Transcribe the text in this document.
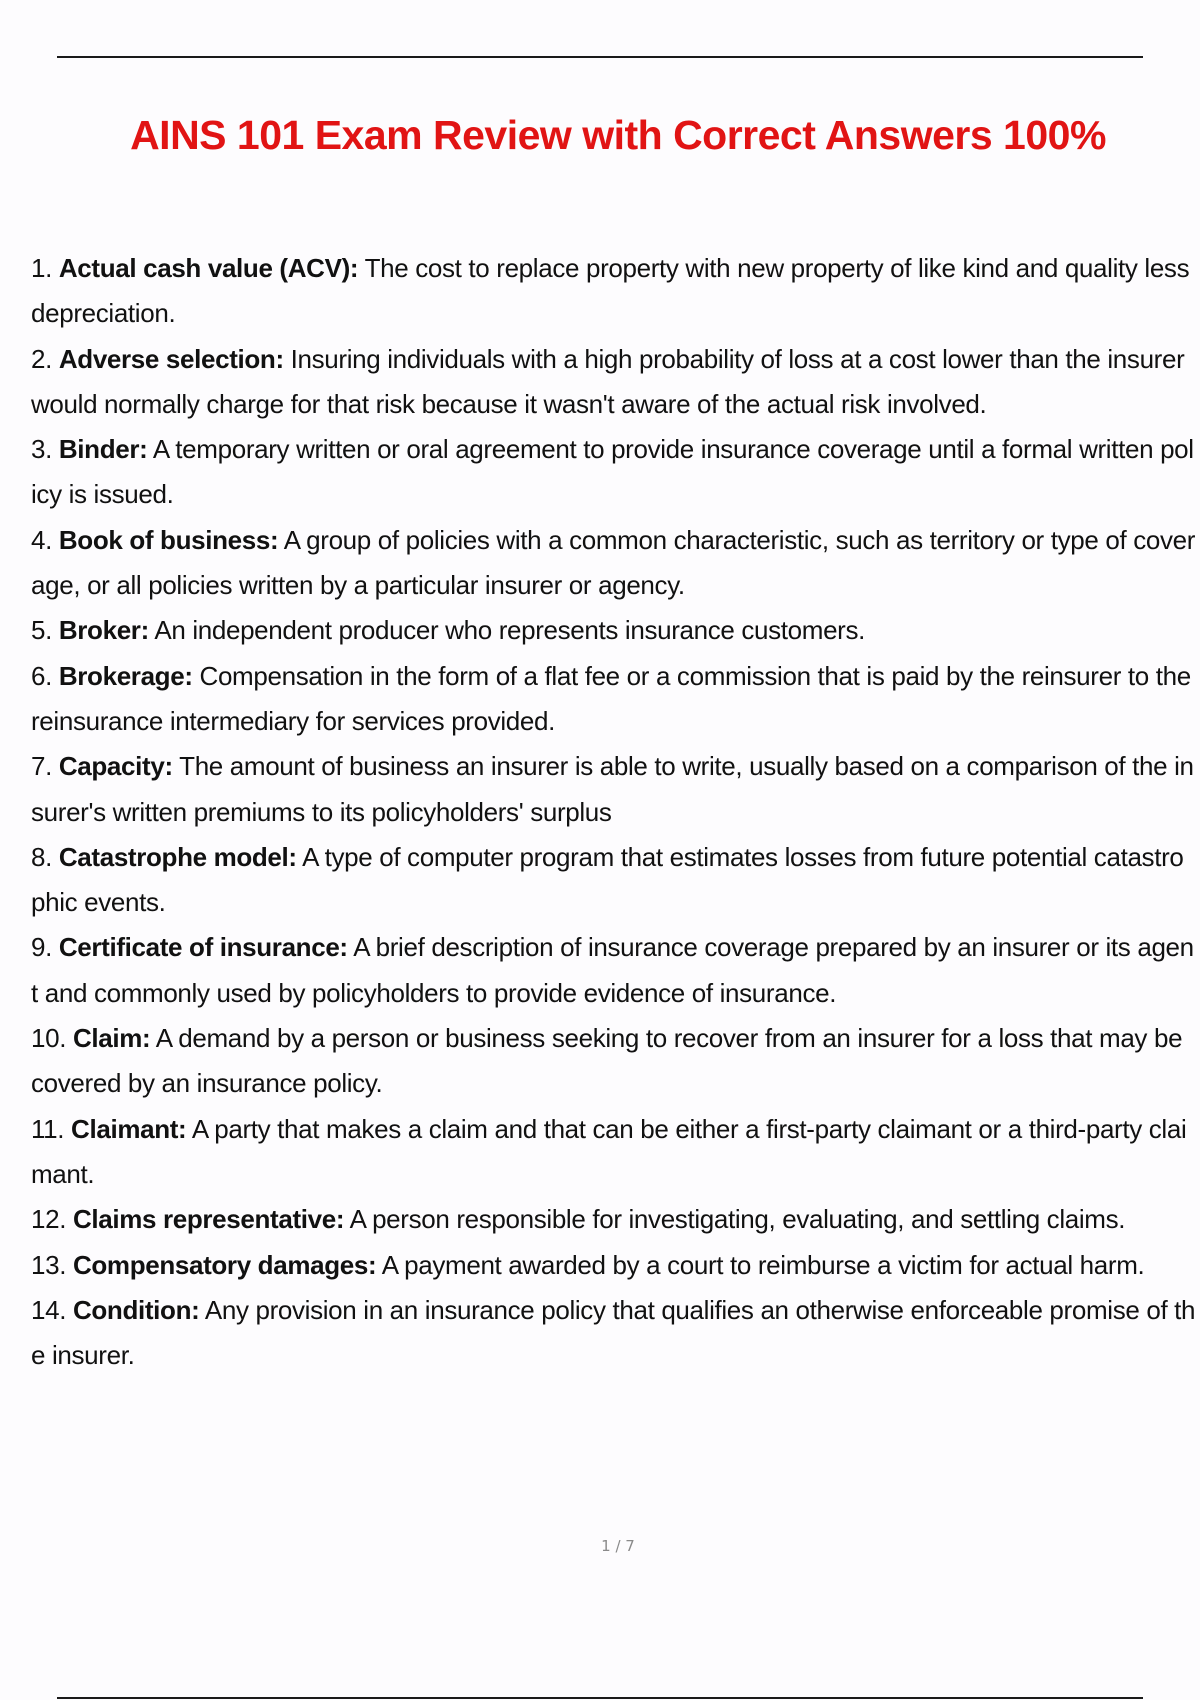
AINS 101 Exam Review with Correct Answers 100%
1. Actual cash value (ACV): The cost to replace property with new property of like kind and quality less depreciation.
2. Adverse selection: Insuring individuals with a high probability of loss at a cost lower than the insurer would normally charge for that risk because it wasn't aware of the actual risk involved.
3. Binder: A temporary written or oral agreement to provide insurance coverage until a formal written policy is issued.
4. Book of business: A group of policies with a common characteristic, such as territory or type of coverage, or all policies written by a particular insurer or agency.
5. Broker: An independent producer who represents insurance customers.
6. Brokerage: Compensation in the form of a flat fee or a commission that is paid by the reinsurer to the reinsurance intermediary for services provided.
7. Capacity: The amount of business an insurer is able to write, usually based on a comparison of the insurer's written premiums to its policyholders' surplus
8. Catastrophe model: A type of computer program that estimates losses from future potential catastrophic events.
9. Certificate of insurance: A brief description of insurance coverage prepared by an insurer or its agent and commonly used by policyholders to provide evidence of insurance.
10. Claim: A demand by a person or business seeking to recover from an insurer for a loss that may be covered by an insurance policy.
11. Claimant: A party that makes a claim and that can be either a first-party claimant or a third-party claimant.
12. Claims representative: A person responsible for investigating, evaluating, and settling claims.
13. Compensatory damages: A payment awarded by a court to reimburse a victim for actual harm.
14. Condition: Any provision in an insurance policy that qualifies an otherwise enforceable promise of the insurer.
1 / 7
